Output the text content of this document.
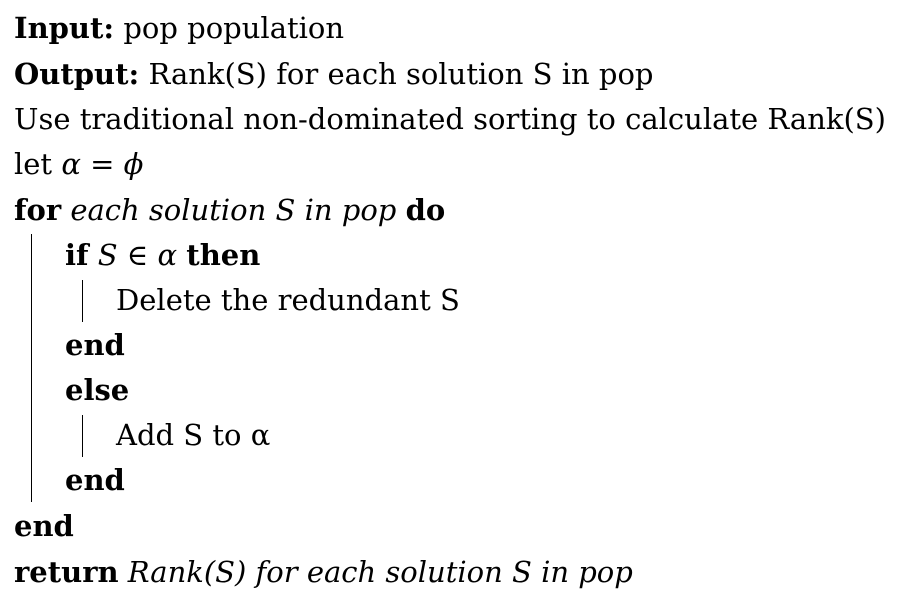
Input: pop population
Output: Rank(S) for each solution S in pop
Use traditional non-dominated sorting to calculate Rank(S)
let α = ϕ
for each solution S in pop do
if S ∈ α then
Delete the redundant S
end
else
Add S to α
end
end
return Rank(S) for each solution S in pop
